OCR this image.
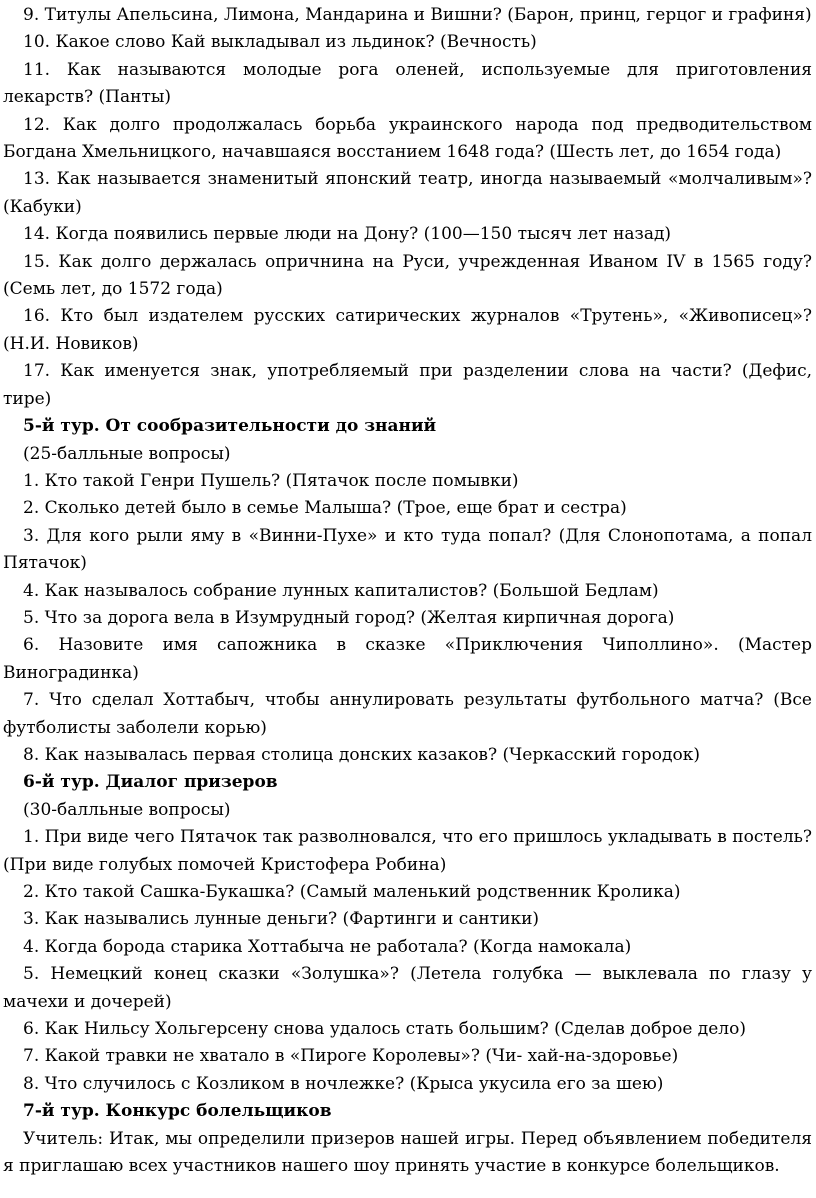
9. Титулы Апельсина, Лимона, Мандарина и Вишни? (Барон, принц, герцог и графиня)

10. Какое слово Кай выкладывал из льдинок? (Вечность)

11. Как называются молодые рога оленей, используемые для приготовления лекарств? (Панты)

12. Как долго продолжалась борьба украинского народа под предводительством Богдана Хмельницкого, начавшаяся восстанием 1648 года? (Шесть лет, до 1654 года)

13. Как называется знаменитый японский театр, иногда называемый «молчаливым»? (Кабуки)

14. Когда появились первые люди на Дону? (100—150 тысяч лет назад)

15. Как долго держалась опричнина на Руси, учрежденная Иваном IV в 1565 году? (Семь лет, до 1572 года)

16. Кто был издателем русских сатирических журналов «Трутень», «Живописец»? (Н.И. Новиков)

17. Как именуется знак, употребляемый при разделении слова на части? (Дефис, тире)

5-й тур. От сообразительности до знаний

(25-балльные вопросы)

1. Кто такой Генри Пушель? (Пятачок после помывки)

2. Сколько детей было в семье Малыша? (Трое, еще брат и сестра)

3. Для кого рыли яму в «Винни-Пухе» и кто туда попал? (Для Слонопотама, а попал Пятачок)

4. Как называлось собрание лунных капиталистов? (Большой Бедлам)

5. Что за дорога вела в Изумрудный город? (Желтая кирпичная дорога)

6. Назовите имя сапожника в сказке «Приключения Чиполлино». (Мастер Виноградинка)

7. Что сделал Хоттабыч, чтобы аннулировать результаты футбольного матча? (Все футболисты заболели корью)

8. Как называлась первая столица донских казаков? (Черкасский городок)

6-й тур. Диалог призеров

(30-балльные вопросы)

1. При виде чего Пятачок так разволновался, что его пришлось укладывать в постель? (При виде голубых помочей Кристофера Робина)

2. Кто такой Сашка-Букашка? (Самый маленький родственник Кролика)

3. Как назывались лунные деньги? (Фартинги и сантики)

4. Когда борода старика Хоттабыча не работала? (Когда намокала)

5. Немецкий конец сказки «Золушка»? (Летела голубка — выклевала по глазу у мачехи и дочерей)

6. Как Нильсу Хольгерсену снова удалось стать большим? (Сделав доброе дело)

7. Какой травки не хватало в «Пироге Королевы»? (Чи- хай-на-здоровье)

8. Что случилось с Козликом в ночлежке? (Крыса укусила его за шею)

7-й тур. Конкурс болельщиков

Учитель: Итак, мы определили призеров нашей игры. Перед объявлением победителя я приглашаю всех участников нашего шоу принять участие в конкурсе болельщиков.
